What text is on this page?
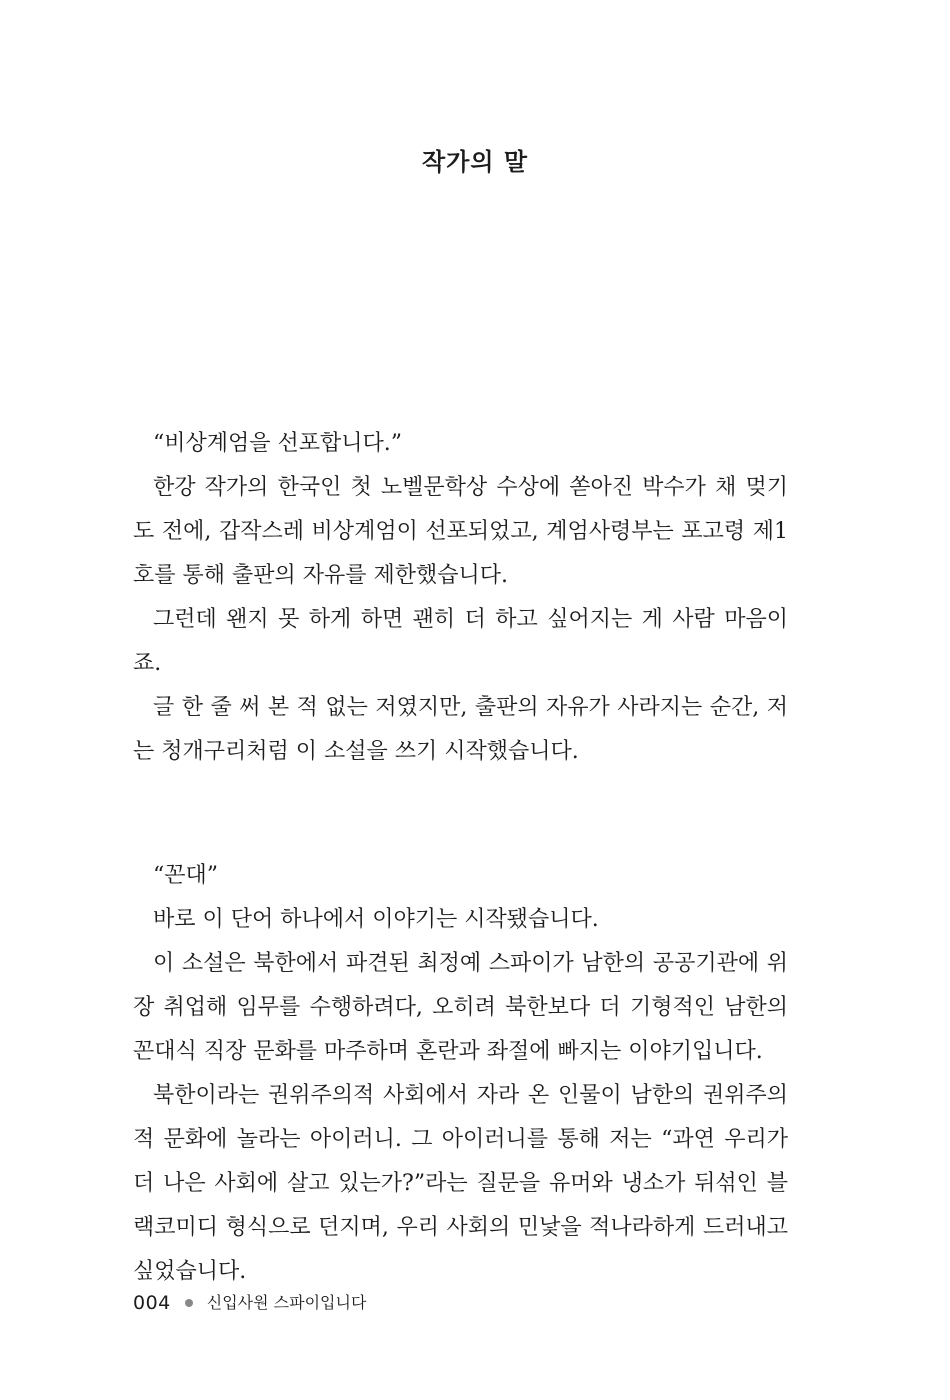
작가의 말

“비상계엄을 선포합니다.”

한강 작가의 한국인 첫 노벨문학상 수상에 쏟아진 박수가 채 멎기도 전에, 갑작스레 비상계엄이 선포되었고, 계엄사령부는 포고령 제1호를 통해 출판의 자유를 제한했습니다.

그런데 왠지 못 하게 하면 괜히 더 하고 싶어지는 게 사람 마음이죠.

글 한 줄 써 본 적 없는 저였지만, 출판의 자유가 사라지는 순간, 저는 청개구리처럼 이 소설을 쓰기 시작했습니다.

“꼰대”

바로 이 단어 하나에서 이야기는 시작됐습니다.

이 소설은 북한에서 파견된 최정예 스파이가 남한의 공공기관에 위장 취업해 임무를 수행하려다, 오히려 북한보다 더 기형적인 남한의 꼰대식 직장 문화를 마주하며 혼란과 좌절에 빠지는 이야기입니다.

북한이라는 권위주의적 사회에서 자라 온 인물이 남한의 권위주의적 문화에 놀라는 아이러니. 그 아이러니를 통해 저는 “과연 우리가 더 나은 사회에 살고 있는가?”라는 질문을 유머와 냉소가 뒤섞인 블랙코미디 형식으로 던지며, 우리 사회의 민낯을 적나라하게 드러내고 싶었습니다.

004 신입사원 스파이입니다
